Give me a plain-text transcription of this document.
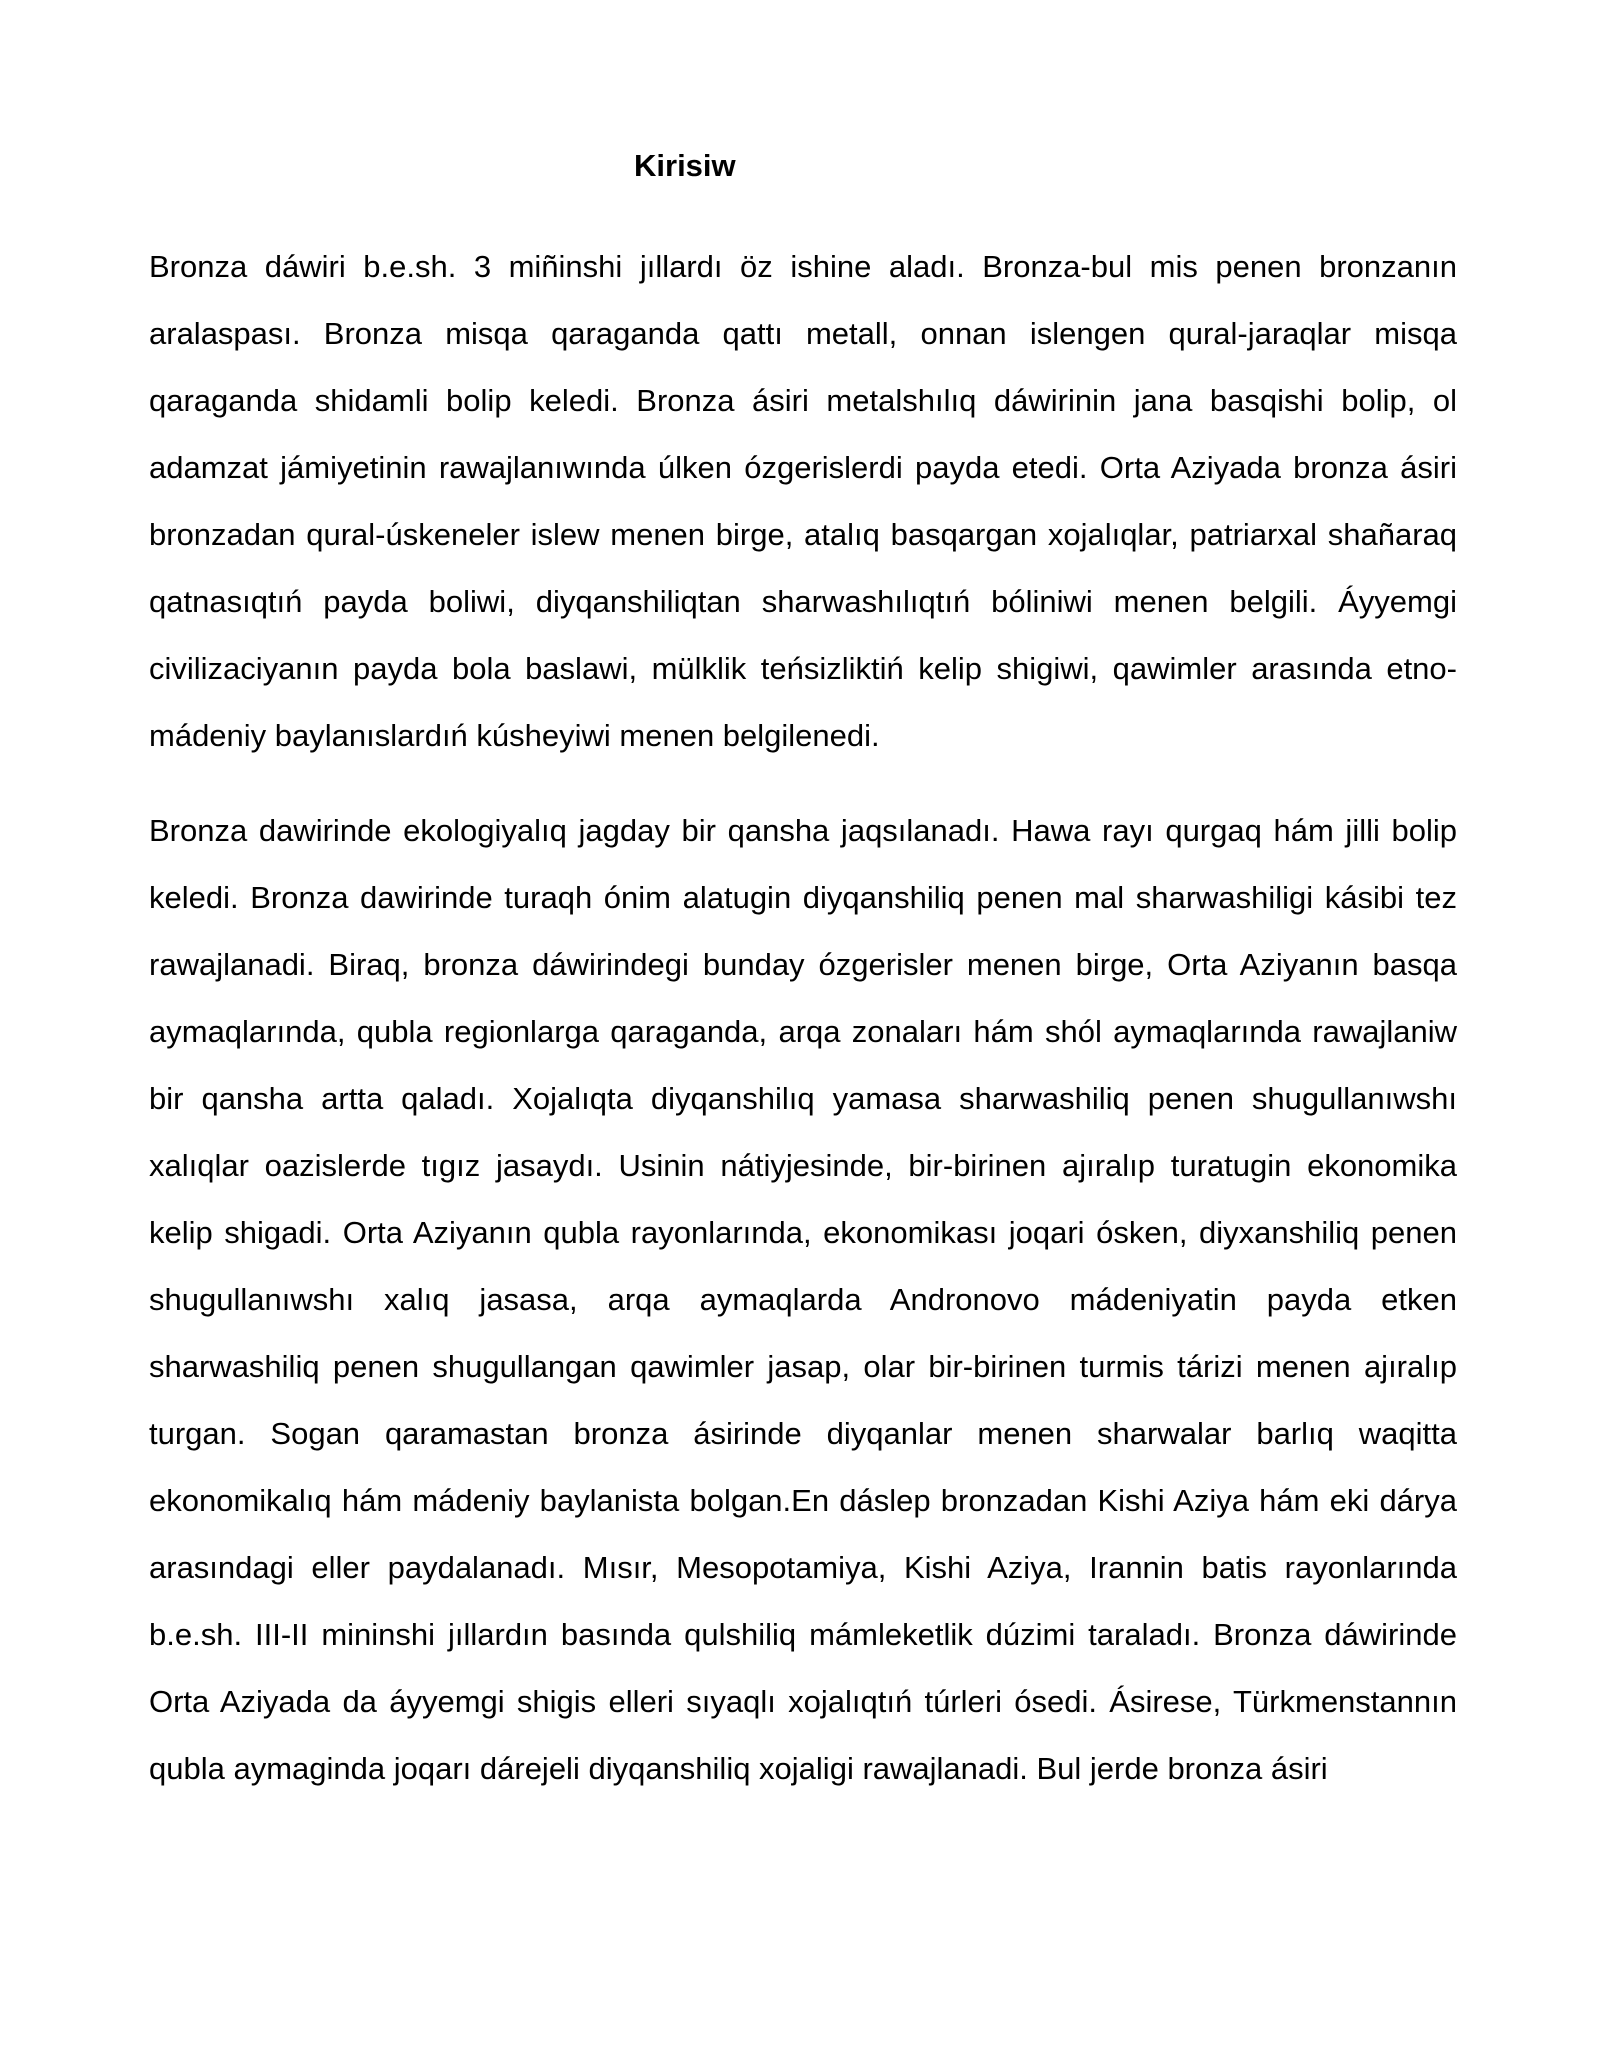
Kirisiw

Bronza dáwiri b.e.sh. 3 miñinshi jıllardı öz ishine aladı. Bronza-bul mis penen bronzanın aralaspası. Bronza misqa qaraganda qattı metall, onnan islengen qural-jaraqlar misqa qaraganda shidamli bolip keledi. Bronza ásiri metalshılıq dáwirinin jana basqishi bolip, ol adamzat jámiyetinin rawajlanıwında úlken ózgerislerdi payda etedi. Orta Aziyada bronza ásiri bronzadan qural-úskeneler islew menen birge, atalıq basqargan xojalıqlar, patriarxal shañaraq qatnasıqtıń payda boliwi, diyqanshiliqtan sharwashılıqtıń bóliniwi menen belgili. Áyyemgi civilizaciyanın payda bola baslawi, mülklik teńsizliktiń kelip shigiwi, qawimler arasında etno-mádeniy baylanıslardıń kúsheyiwi menen belgilenedi.

Bronza dawirinde ekologiyalıq jagday bir qansha jaqsılanadı. Hawa rayı qurgaq hám jilli bolip keledi. Bronza dawirinde turaqh ónim alatugin diyqanshiliq penen mal sharwashiligi kásibi tez rawajlanadi. Biraq, bronza dáwirindegi bunday ózgerisler menen birge, Orta Aziyanın basqa aymaqlarında, qubla regionlarga qaraganda, arqa zonaları hám shól aymaqlarında rawajlaniw bir qansha artta qaladı. Xojalıqta diyqanshilıq yamasa sharwashiliq penen shugullanıwshı xalıqlar oazislerde tıgız jasaydı. Usinin nátiyjesinde, bir-birinen ajıralıp turatugin ekonomika kelip shigadi. Orta Aziyanın qubla rayonlarında, ekonomikası joqari ósken, diyxanshiliq penen shugullanıwshı xalıq jasasa, arqa aymaqlarda Andronovo mádeniyatin payda etken sharwashiliq penen shugullangan qawimler jasap, olar bir-birinen turmis tárizi menen ajıralıp turgan. Sogan qaramastan bronza ásirinde diyqanlar menen sharwalar barlıq waqitta ekonomikalıq hám mádeniy baylanista bolgan.En dáslep bronzadan Kishi Aziya hám eki dárya arasındagi eller paydalanadı. Mısır, Mesopotamiya, Kishi Aziya, Irannin batis rayonlarında b.e.sh. III-II mininshi jıllardın basında qulshiliq mámleketlik dúzimi taraladı. Bronza dáwirinde Orta Aziyada da áyyemgi shigis elleri sıyaqlı xojalıqtıń túrleri ósedi. Ásirese, Türkmenstannın qubla aymaginda joqarı dárejeli diyqanshiliq xojaligi rawajlanadi. Bul jerde bronza ásiri
